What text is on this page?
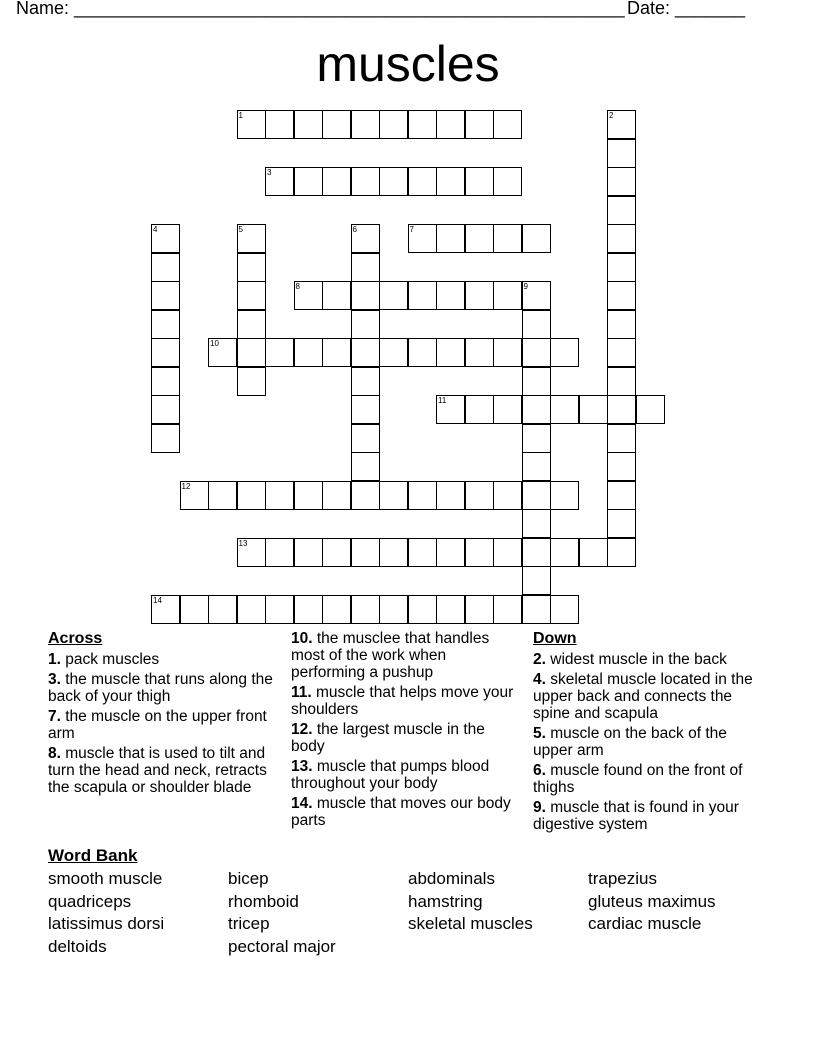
Name: _______________________________________________________ Date: _______
muscles
1	2
3
4	5	6	7
8	9
10
11
12
13
14
Across
1. pack muscles
3. the muscle that runs along the back of your thigh
7. the muscle on the upper front arm
8. muscle that is used to tilt and turn the head and neck, retracts the scapula or shoulder blade
10. the musclee that handles most of the work when performing a pushup
11. muscle that helps move your shoulders
12. the largest muscle in the body
13. muscle that pumps blood throughout your body
14. muscle that moves our body parts
Down
2. widest muscle in the back
4. skeletal muscle located in the upper back and connects the spine and scapula
5. muscle on the back of the upper arm
6. muscle found on the front of thighs
9. muscle that is found in your digestive system
Word Bank
smooth muscle
quadriceps
latissimus dorsi
deltoids
bicep
rhomboid
tricep
pectoral major
abdominals
hamstring
skeletal muscles
trapezius
gluteus maximus
cardiac muscle
